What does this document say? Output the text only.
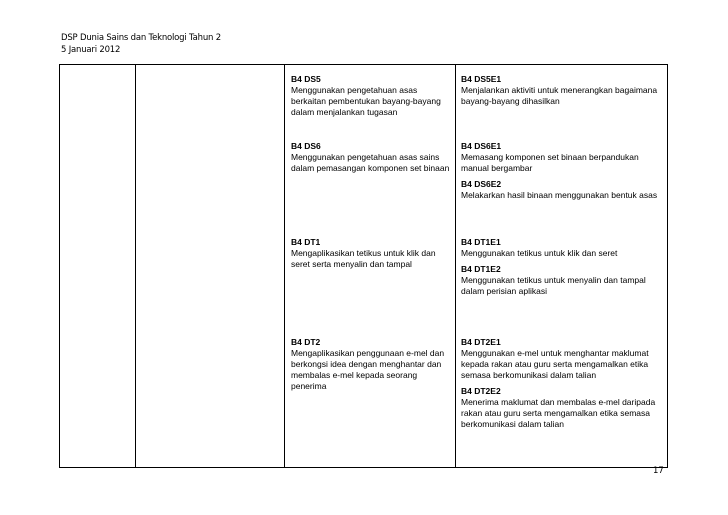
DSP Dunia Sains dan Teknologi Tahun 2
5 Januari 2012
B4 DS5
Menggunakan pengetahuan asas berkaitan pembentukan bayang-bayang dalam menjalankan tugasan
B4 DS5E1
Menjalankan aktiviti untuk menerangkan bagaimana bayang-bayang dihasilkan
B4 DS6
Menggunakan pengetahuan asas sains dalam pemasangan komponen set binaan
B4 DS6E1
Memasang komponen set binaan berpandukan manual bergambar
B4 DS6E2
Melakarkan hasil binaan menggunakan bentuk asas
B4 DT1
Mengaplikasikan tetikus untuk klik dan seret serta menyalin dan tampal
B4 DT1E1
Menggunakan tetikus untuk klik dan seret
B4 DT1E2
Menggunakan tetikus untuk menyalin dan tampal dalam perisian aplikasi
B4 DT2
Mengaplikasikan penggunaan e-mel dan berkongsi idea dengan menghantar dan membalas e-mel kepada seorang penerima
B4 DT2E1
Menggunakan e-mel untuk menghantar maklumat kepada rakan atau guru serta mengamalkan etika semasa berkomunikasi dalam talian
B4 DT2E2
Menerima maklumat dan membalas e-mel daripada rakan atau guru serta mengamalkan etika semasa berkomunikasi dalam talian
17
